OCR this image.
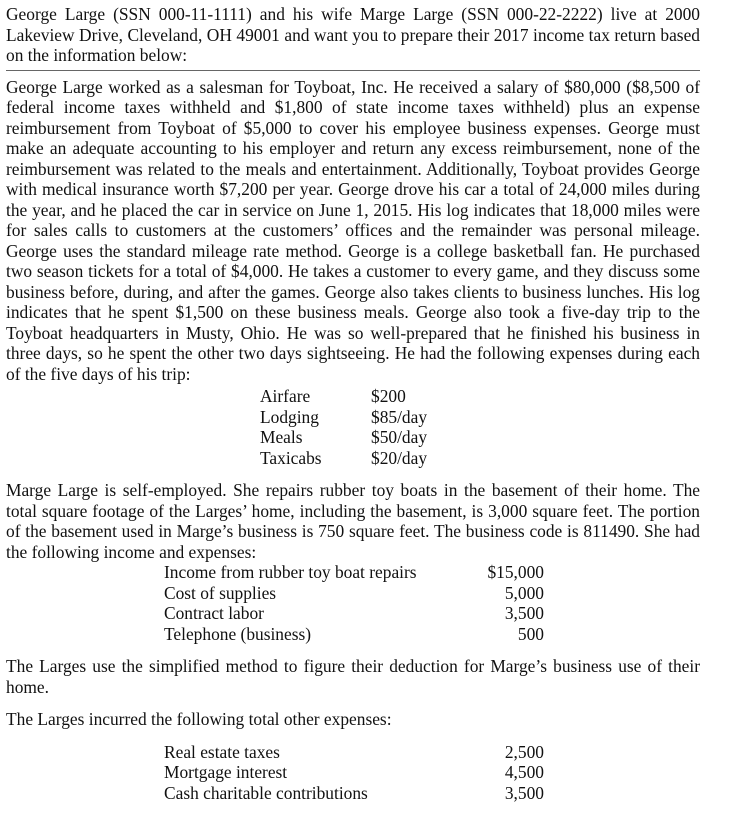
George Large (SSN 000-11-1111) and his wife Marge Large (SSN 000-22-2222) live at 2000 Lakeview Drive, Cleveland, OH 49001 and want you to prepare their 2017 income tax return based on the information below:

George Large worked as a salesman for Toyboat, Inc. He received a salary of $80,000 ($8,500 of federal income taxes withheld and $1,800 of state income taxes withheld) plus an expense reimbursement from Toyboat of $5,000 to cover his employee business expenses. George must make an adequate accounting to his employer and return any excess reimbursement, none of the reimbursement was related to the meals and entertainment. Additionally, Toyboat provides George with medical insurance worth $7,200 per year. George drove his car a total of 24,000 miles during the year, and he placed the car in service on June 1, 2015. His log indicates that 18,000 miles were for sales calls to customers at the customers’ offices and the remainder was personal mileage. George uses the standard mileage rate method. George is a college basketball fan. He purchased two season tickets for a total of $4,000. He takes a customer to every game, and they discuss some business before, during, and after the games. George also takes clients to business lunches. His log indicates that he spent $1,500 on these business meals. George also took a five-day trip to the Toyboat headquarters in Musty, Ohio. He was so well-prepared that he finished his business in three days, so he spent the other two days sightseeing. He had the following expenses during each of the five days of his trip:

Airfare	$200
Lodging	$85/day
Meals	$50/day
Taxicabs	$20/day

Marge Large is self-employed. She repairs rubber toy boats in the basement of their home. The total square footage of the Larges’ home, including the basement, is 3,000 square feet. The portion of the basement used in Marge’s business is 750 square feet. The business code is 811490. She had the following income and expenses:

Income from rubber toy boat repairs	$15,000
Cost of supplies	5,000
Contract labor	3,500
Telephone (business)	500

The Larges use the simplified method to figure their deduction for Marge’s business use of their home.

The Larges incurred the following total other expenses:

Real estate taxes	2,500
Mortgage interest	4,500
Cash charitable contributions	3,500
